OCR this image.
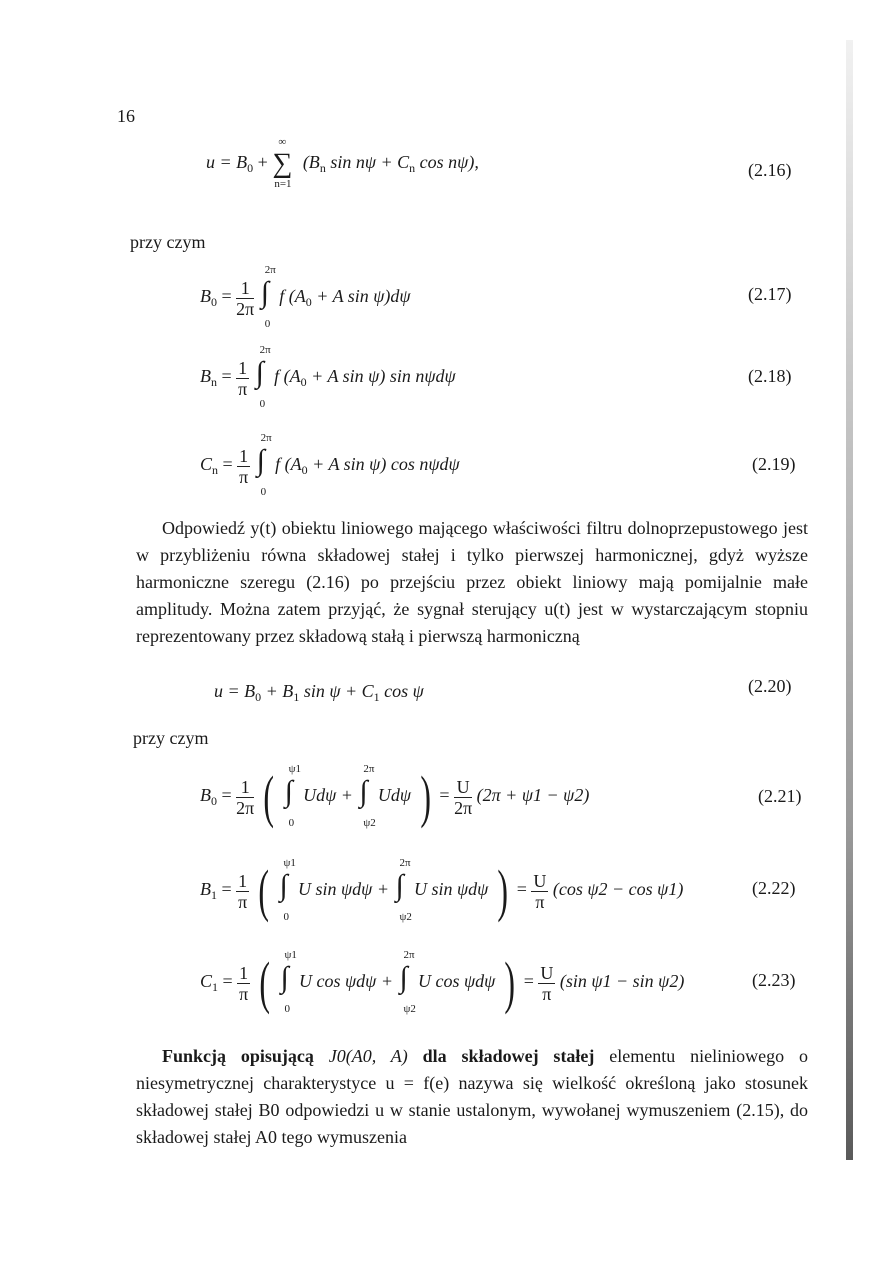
16
$u = B_0$ +
∞
∑
n=1
($B_n$ $\sin n\psi + C_n$ cos nψ),	(2.16)
przy czym
$B_0 = \frac{1}{2\pi}$

2π
∫
0
f ($A_0 + A$ sin ψ)dψ	(2.17)
$B_n = \frac{1}{\pi}$

2π
∫
0
f ($A_0 + A$ sin ψ) sin nψdψ	(2.18)
$C_n = \frac{1}{\pi}$

2π
∫
0
f ($A_0 + A$ sin ψ) cos nψdψ	(2.19)
Odpowiedź y(t) obiektu liniowego mającego właściwości filtru dolnoprzepustowego jest w przybliżeniu równa składowej stałej i tylko pierwszej harmonicznej, gdyż wyższe harmoniczne szeregu (2.16) po przejściu przez obiekt liniowy mają pomijalnie małe amplitudy. Można zatem przyjąć, że sygnał sterujący u(t) jest w wystarczającym stopniu reprezentowany przez składową stałą i pierwszą harmoniczną
$u = B_0 + B_1$ $\sin \psi + C_1$ cos ψ	(2.20)
przy czym
$B_0 = \frac{1}{2\pi}$ ( ψ1
∫
0
Udψ +
2π
∫
ψ2
Udψ ) = $\frac{U}{2\pi} (2\pi + \psi 1 - \psi 2)$	(2.21)
$B_1 = \frac{1}{\pi}$ ( ψ1
∫
0
U sin ψdψ +
2π
∫
ψ2
U sin ψdψ ) = $\frac{U}{\pi} (\cos$ ψ2 − cos ψ1)	(2.22)
$C_1 = \frac{1}{\pi}$ ( ψ1
∫
0
U cos ψdψ +
2π
∫
ψ2
U cos ψdψ ) = $\frac{U}{\pi} (\sin$ ψ1 − sin ψ2)	(2.23)
Funkcją opisującą J0(A0, A) dla składowej stałej elementu nieliniowego o niesymetrycznej charakterystyce u = f(e) nazywa się wielkość określoną jako stosunek składowej stałej B0 odpowiedzi u w stanie ustalonym, wywołanej wymuszeniem (2.15), do składowej stałej A0 tego wymuszenia
